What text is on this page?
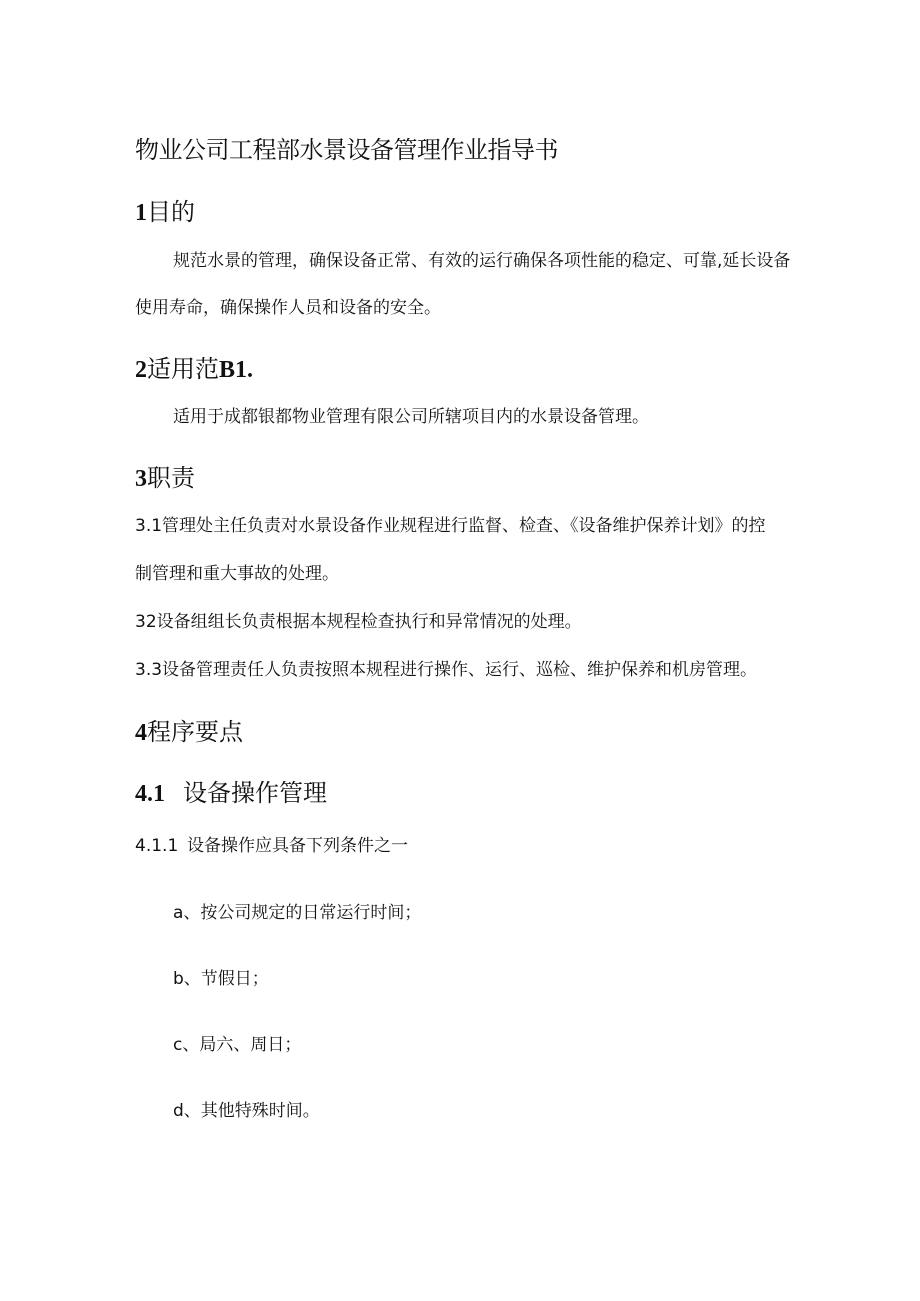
物业公司工程部水景设备管理作业指导书
1目的
规范水景的管理，确保设备正常、有效的运行确保各项性能的稳定、可靠,延长设备
使用寿命，确保操作人员和设备的安全。
2适用范B1.
适用于成都银都物业管理有限公司所辖项目内的水景设备管理。
3职责
3.1管理处主任负责对水景设备作业规程进行监督、检查、《设备维护保养计划》的控
制管理和重大事故的处理。
32设备组组长负责根据本规程检查执行和异常情况的处理。
3.3设备管理责任人负责按照本规程进行操作、运行、巡检、维护保养和机房管理。
4程序要点
4.1 设备操作管理
4.1.1 设备操作应具备下列条件之一
a、按公司规定的日常运行时间；
b、节假日；
c、局六、周日；
d、其他特殊时间。
